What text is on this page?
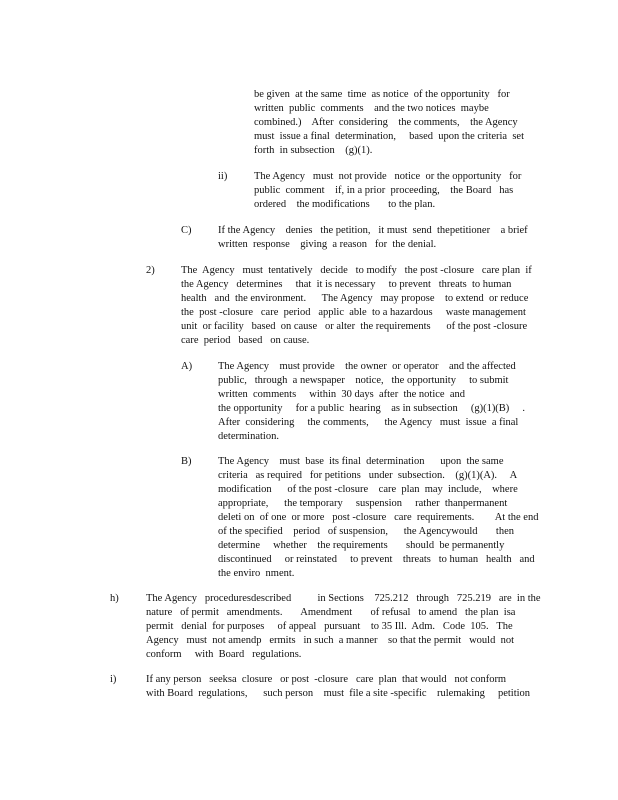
be given  at the same  time  as notice  of the opportunity   for
written  public  comments    and the two notices  maybe
combined.)    After  considering    the comments,    the Agency
must  issue a final  determination,     based  upon the criteria  set
forth  in subsection    (g)(1).
ii)	The Agency   must  not provide   notice  or the opportunity   for
public  comment    if, in a prior  proceeding,    the Board   has
ordered    the modifications       to the plan.
C)	If the Agency    denies   the petition,   it must  send  thepetitioner    a brief
written  response    giving  a reason   for  the denial.
2)	The  Agency   must  tentatively   decide   to modify   the post -closure   care plan  if
the Agency   determines     that  it is necessary     to prevent   threats  to human
health   and  the environment.      The Agency   may propose    to extend  or reduce
the  post -closure   care  period   applic  able  to a hazardous     waste management
unit  or facility   based  on cause   or alter  the requirements      of the post -closure
care  period   based   on cause.
A) The Agency    must provide    the owner  or operator    and the affected
public,   through  a newspaper    notice,   the opportunity     to submit
written  comments     within  30 days  after  the notice  and
the opportunity     for a public  hearing    as in subsection     (g)(1)(B)     .
After  considering     the comments,      the Agency   must  issue  a final
determination.
B)	The Agency    must  base  its final  determination      upon  the same
criteria   as required   for petitions   under  subsection.    (g)(1)(A).     A
modification      of the post -closure    care  plan  may  include,    where
appropriate,      the temporary     suspension     rather  thanpermanent
deleti on  of one  or more   post -closure   care  requirements.        At the end
of the specified    period   of suspension,      the Agencywould       then
determine     whether    the requirements       should  be permanently
discontinued     or reinstated     to prevent    threats   to human   health   and
the enviro  nment.
h)	The Agency   proceduresdescribed          in Sections    725.212   through   725.219   are  in the
nature   of permit   amendments.       Amendment       of refusal   to amend   the plan  isa
permit   denial  for purposes     of appeal   pursuant    to 35 Ill.  Adm.   Code  105.   The
Agency   must  not amendp   ermits   in such  a manner    so that the permit   would  not
conform     with  Board   regulations.
i)	If any person   seeksa  closure   or post  -closure   care  plan  that would   not conform
with Board  regulations,      such person    must  file a site -specific    rulemaking     petition
